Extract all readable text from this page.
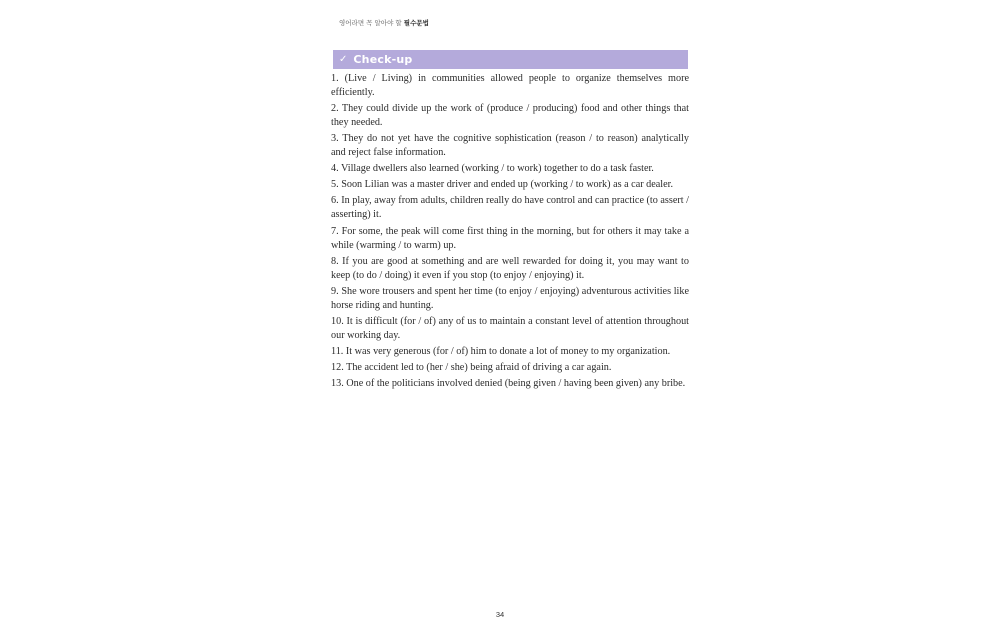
영어라면 꼭 알아야 할 필수문법
✓ Check-up
1. (Live / Living) in communities allowed people to organize themselves more efficiently.
2. They could divide up the work of (produce / producing) food and other things that they needed.
3. They do not yet have the cognitive sophistication (reason / to reason) analytically and reject false information.
4. Village dwellers also learned (working / to work) together to do a task faster.
5. Soon Lilian was a master driver and ended up (working / to work) as a car dealer.
6. In play, away from adults, children really do have control and can practice (to assert / asserting) it.
7. For some, the peak will come first thing in the morning, but for others it may take a while (warming / to warm) up.
8. If you are good at something and are well rewarded for doing it, you may want to keep (to do / doing) it even if you stop (to enjoy / enjoying) it.
9. She wore trousers and spent her time (to enjoy / enjoying) adventurous activities like horse riding and hunting.
10. It is difficult (for / of) any of us to maintain a constant level of attention throughout our working day.
11. It was very generous (for / of) him to donate a lot of money to my organization.
12. The accident led to (her / she) being afraid of driving a car again.
13. One of the politicians involved denied (being given / having been given) any bribe.
34
